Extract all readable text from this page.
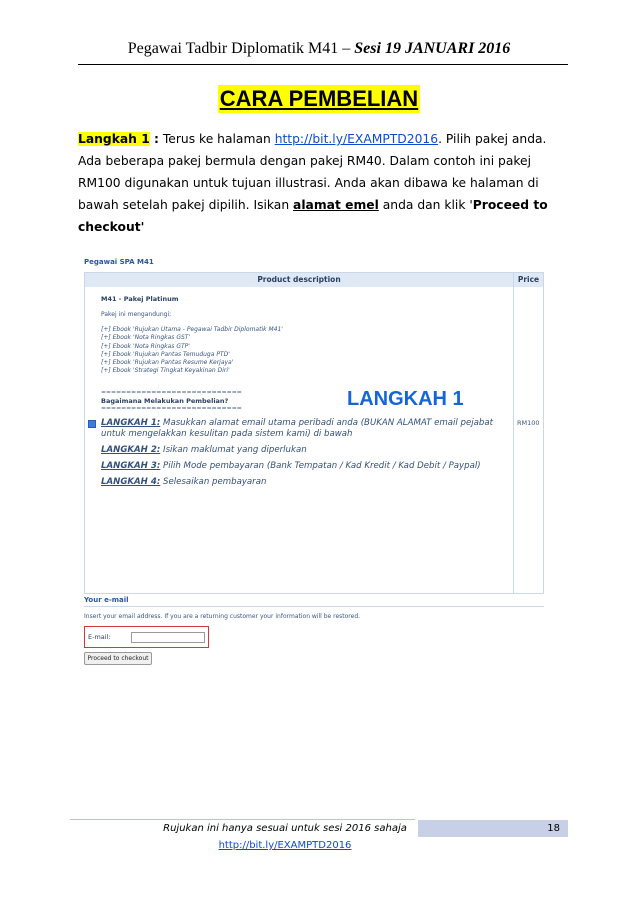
Pegawai Tadbir Diplomatik M41 – Sesi 19 JANUARI 2016
CARA PEMBELIAN
Langkah 1 : Terus ke halaman http://bit.ly/EXAMPTD2016. Pilih pakej anda. Ada beberapa pakej bermula dengan pakej RM40. Dalam contoh ini pakej RM100 digunakan untuk tujuan illustrasi. Anda akan dibawa ke halaman di bawah setelah pakej dipilih. Isikan alamat emel anda dan klik 'Proceed to checkout'
Pegawai SPA M41
Product description	Price
M41 - Pakej Platinum
Pakej ini mengandungi;
[+] Ebook 'Rujukan Utama - Pegawai Tadbir Diplomatik M41'
[+] Ebook 'Nota Ringkas GST'
[+] Ebook 'Nota Ringkas GTP'
[+] Ebook 'Rujukan Pantas Temuduga PTD'
[+] Ebook 'Rujukan Pantas Resume Kerjaya'
[+] Ebook 'Strategi Tingkat Keyakinan Diri'
============================
Bagaimana Melakukan Pembelian?
============================	LANGKAH 1
RM100
LANGKAH 1: Masukkan alamat email utama peribadi anda (BUKAN ALAMAT email pejabat untuk mengelakkan kesulitan pada sistem kami) di bawah
LANGKAH 2: Isikan maklumat yang diperlukan
LANGKAH 3: Pilih Mode pembayaran (Bank Tempatan / Kad Kredit / Kad Debit / Paypal)
LANGKAH 4: Selesaikan pembayaran
Your e-mail
Insert your email address. If you are a returning customer your information will be restored.
E-mail:
Proceed to checkout
Rujukan ini hanya sesuai untuk sesi 2016 sahaja
http://bit.ly/EXAMPTD2016
18
